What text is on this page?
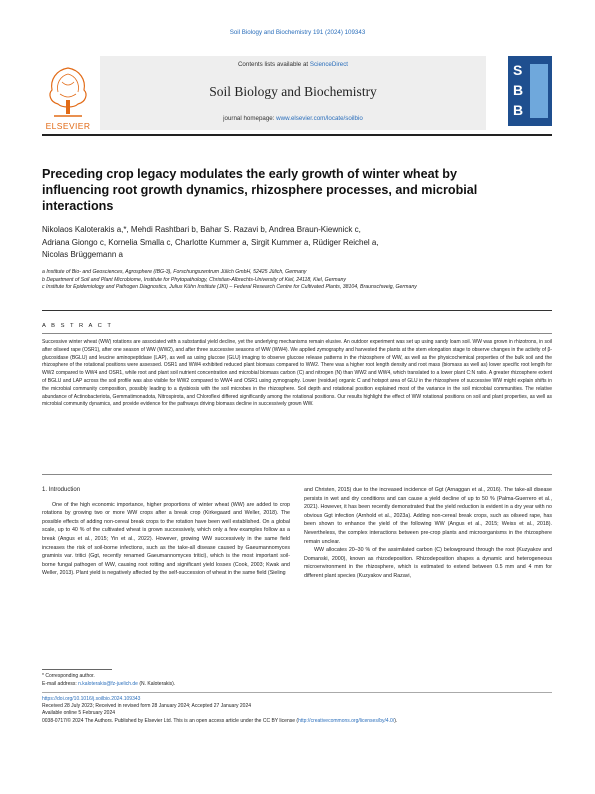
Soil Biology and Biochemistry 191 (2024) 109343
ELSEVIER
Contents lists available at ScienceDirect
Soil Biology and Biochemistry
journal homepage: www.elsevier.com/locate/soilbio
S
B
B
Preceding crop legacy modulates the early growth of winter wheat by influencing root growth dynamics, rhizosphere processes, and microbial interactions
Nikolaos Kaloterakis a,*, Mehdi Rashtbari b, Bahar S. Razavi b, Andrea Braun-Kiewnick c,
Adriana Giongo c, Kornelia Smalla c, Charlotte Kummer a, Sirgit Kummer a, Rüdiger Reichel a,
Nicolas Brüggemann a
a Institute of Bio- and Geosciences, Agrosphere (IBG-3), Forschungszentrum Jülich GmbH, 52425 Jülich, Germany
b Department of Soil and Plant Microbiome, Institute for Phytopathology, Christian-Albrechts-University of Kiel, 24118, Kiel, Germany
c Institute for Epidemiology and Pathogen Diagnostics, Julius Kühn Institute (JKI) – Federal Research Centre for Cultivated Plants, 38104, Braunschweig, Germany
A B S T R A C T
Successive winter wheat (WW) rotations are associated with a substantial yield decline, yet the underlying mechanisms remain elusive. An outdoor experiment was set up using sandy loam soil. WW was grown in rhizotrons, in soil after oilseed rape (OSR1), after one season of WW (WW2), and after three successive seasons of WW (WW4). We applied zymography and harvested the plants at the stem elongation stage to observe changes in the activity of β-glucosidase (BGLU) and leucine aminopeptidase (LAP), as well as using glucose (GLU) imaging to observe glucose release patterns in the rhizosphere of WW, as well as the physicochemical properties of the bulk soil and the rhizosphere of the rotational positions were assessed. OSR1 and WW4 exhibited reduced plant biomass compared to WW2. There was a higher root length density and root mass (biomass as well as) lower specific root length for WW2 compared to WW4 and OSR1, while root and plant soil nutrient concentration and microbial biomass carbon (C) and nitrogen (N) than WW2 and WW4, which translated to a lower plant C:N ratio. A greater rhizosphere extent of BGLU and LAP across the soil profile was also visible for WW2 compared to WW4 and OSR1 using zymography. Lower (residue) organic C and hotspot area of GLU in the rhizosphere of successive WW might explain shifts in the microbial community composition, possibly leading to a dysbiosis with the soil microbes in the rhizosphere. Soil depth and rotational position explained most of the variance in the soil microbial communities. The relative abundance of Actinobacteriota, Gemmatimonadota, Nitrospirota, and Chloroflexi differed significantly among the rotational positions. Our results highlight the effect of WW rotational positions on soil and plant properties, as well as microbial community dynamics, and provide evidence for the pathways driving biomass decline in successively grown WW.
1. Introduction

One of the high economic importance, higher proportions of winter wheat (WW) are added to crop rotations by growing two or more WW crops after a break crop (Kirkegaard and Weller, 2018). The possible effects of adding non-cereal break crops to the rotation have been well established. On a global scale, up to 40 % of the cultivated wheat is grown successively, which only a few examples follow as a break (Angus et al., 2015; Yin et al., 2022). However, growing WW successively in the same field increases the risk of soil-borne infections, such as the take-all disease caused by Gaeumannomyces graminis var. tritici (Ggt, recently renamed Gaeumannomyces tritici), which is the most important soil-borne fungal pathogen of WW, causing root rotting and significant yield losses (Cook, 2003; Kwak and Weller, 2013). Plant yield is negatively affected by the self-succession of wheat in the same field (Sieling

and Christen, 2015) due to the increased incidence of Ggt (Arnaggan et al., 2016). The take-all disease persists in wet and dry conditions and can cause a yield decline of up to 50 % (Palma-Guerrero et al., 2021). However, it has been recently demonstrated that the yield reduction is evident in a dry year with no obvious Ggt infection (Arnhold et al., 2023a). Adding non-cereal break crops, such as oilseed rape, has been shown to enhance the yield of the following WW (Angus et al., 2015; Weiss et al., 2018). Nevertheless, the complex interactions between pre-crop plants and microorganisms in the rhizosphere remain unclear.

WW allocates 20–30 % of the assimilated carbon (C) belowground through the root (Kuzyakov and Domanski, 2000), known as rhizodeposition. Rhizodeposition shapes a dynamic and heterogeneous microenvironment in the rhizosphere, which is estimated to extend between 0.5 mm and 4 mm for different plant species (Kuzyakov and Razavi,

* Corresponding author.
E-mail address: n.kaloterakis@fz-juelich.de (N. Kaloterakis).
https://doi.org/10.1016/j.soilbio.2024.109343
Received 28 July 2023; Received in revised form 28 January 2024; Accepted 27 January 2024
Available online 5 February 2024
0038-0717/© 2024 The Authors. Published by Elsevier Ltd. This is an open access article under the CC BY license (http://creativecommons.org/licenses/by/4.0/).
